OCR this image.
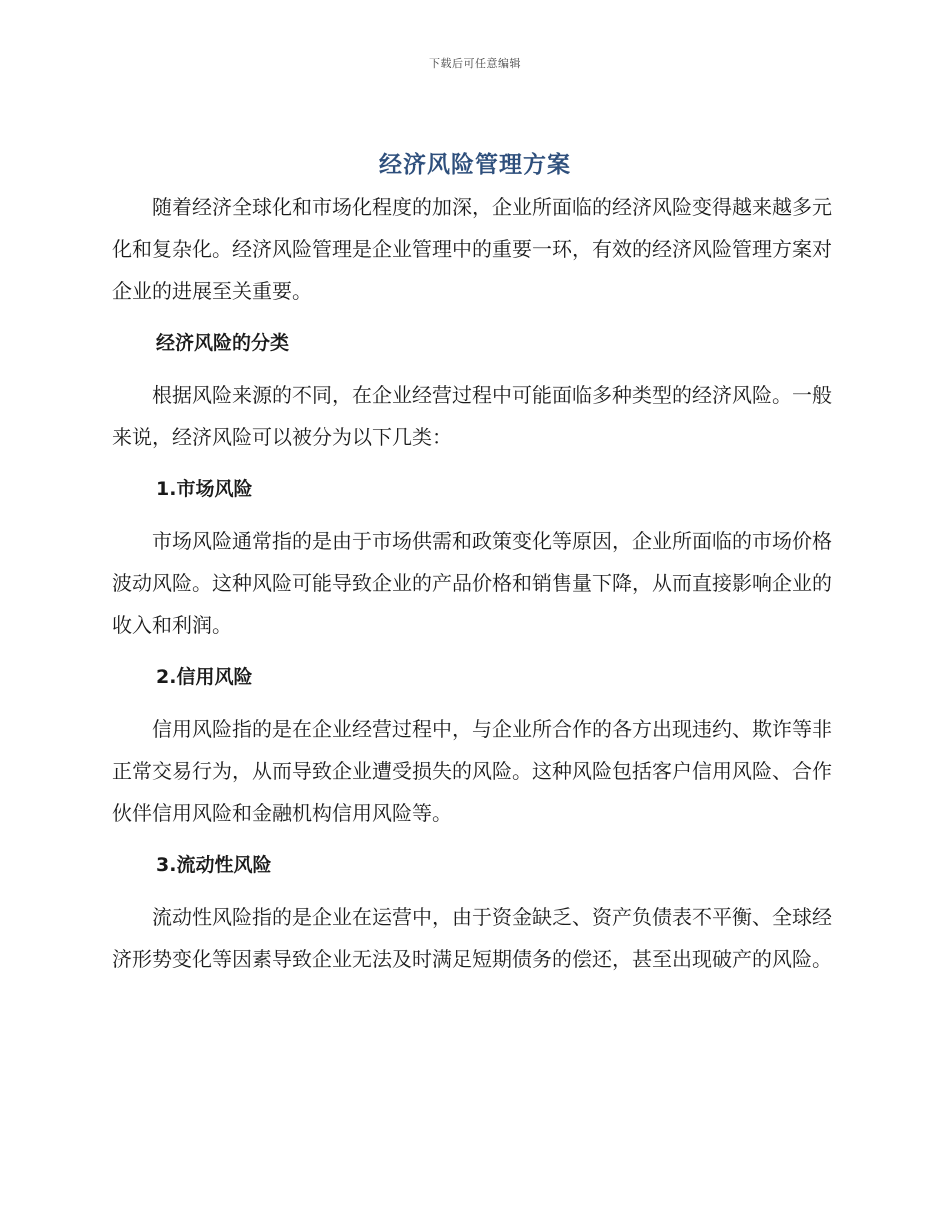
下载后可任意编辑
经济风险管理方案

随着经济全球化和市场化程度的加深，企业所面临的经济风险变得越来越多元化和复杂化。经济风险管理是企业管理中的重要一环，有效的经济风险管理方案对企业的进展至关重要。

经济风险的分类

根据风险来源的不同，在企业经营过程中可能面临多种类型的经济风险。一般来说，经济风险可以被分为以下几类：

1.市场风险

市场风险通常指的是由于市场供需和政策变化等原因，企业所面临的市场价格波动风险。这种风险可能导致企业的产品价格和销售量下降，从而直接影响企业的收入和利润。

2.信用风险

信用风险指的是在企业经营过程中，与企业所合作的各方出现违约、欺诈等非正常交易行为，从而导致企业遭受损失的风险。这种风险包括客户信用风险、合作伙伴信用风险和金融机构信用风险等。

3.流动性风险

流动性风险指的是企业在运营中，由于资金缺乏、资产负债表不平衡、全球经济形势变化等因素导致企业无法及时满足短期债务的偿还，甚至出现破产的风险。
